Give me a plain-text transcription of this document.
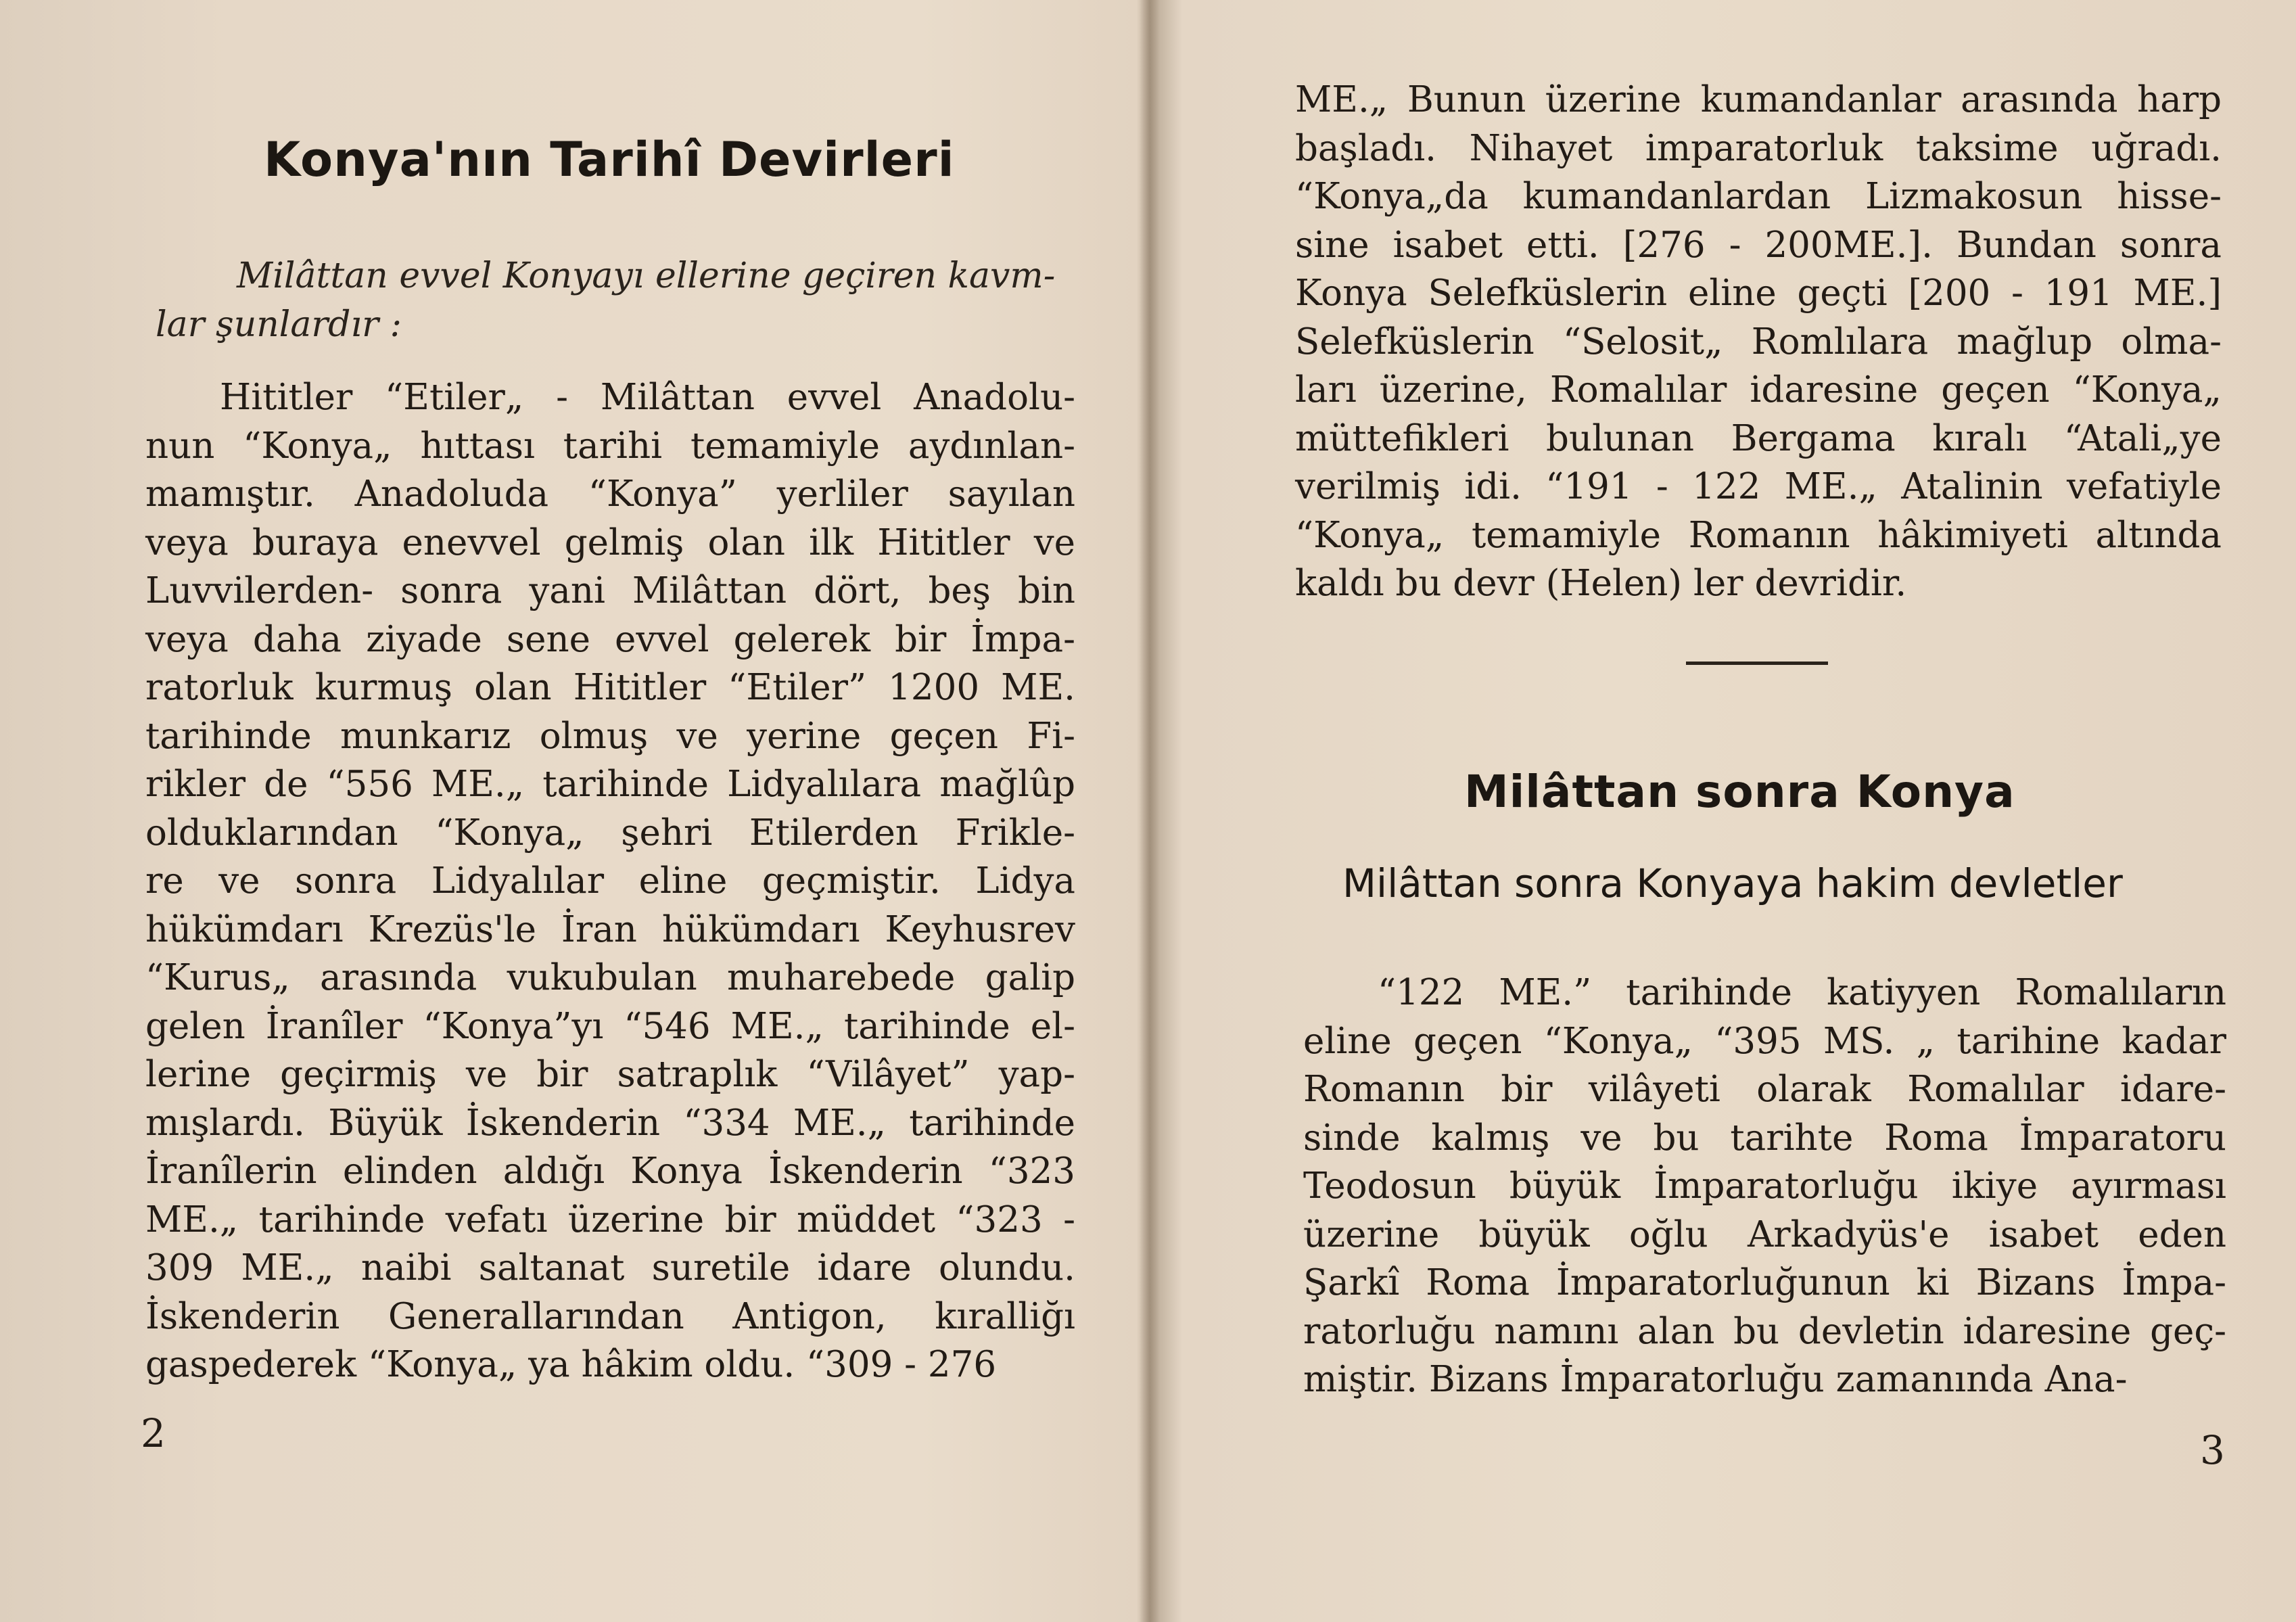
Konya'nın Tarihî Devirleri
Milâttan evvel Konyayı ellerine geçiren kavm-
lar şunlardır :
Hititler “Etiler„ - Milâttan evvel Anadolu-
nun “Konya„ hıttası tarihi temamiyle aydınlan-
mamıştır. Anadoluda “Konya” yerliler sayılan
veya buraya enevvel gelmiş olan ilk Hititler ve
Luvvilerden- sonra yani Milâttan dört, beş bin
veya daha ziyade sene evvel gelerek bir İmpa-
ratorluk kurmuş olan Hititler “Etiler” 1200 ME.
tarihinde munkarız olmuş ve yerine geçen Fi-
rikler de “556 ME.„ tarihinde Lidyalılara mağlûp
olduklarından “Konya„ şehri Etilerden Frikle-
re ve sonra Lidyalılar eline geçmiştir. Lidya
hükümdarı Krezüs'le İran hükümdarı Keyhusrev
“Kurus„ arasında vukubulan muharebede galip
gelen İranîler “Konya”yı “546 ME.„ tarihinde el-
lerine geçirmiş ve bir satraplık “Vilâyet” yap-
mışlardı. Büyük İskenderin “334 ME.„ tarihinde
İranîlerin elinden aldığı Konya İskenderin “323
ME.„ tarihinde vefatı üzerine bir müddet “323 -
309 ME.„ naibi saltanat suretile idare olundu.
İskenderin Generallarından Antigon, kıralliğı
gaspederek “Konya„ ya hâkim oldu. “309 - 276
2
ME.„ Bunun üzerine kumandanlar arasında harp
başladı. Nihayet imparatorluk taksime uğradı.
“Konya„da kumandanlardan Lizmakosun hisse-
sine isabet etti. [276 - 200ME.]. Bundan sonra
Konya Selefküslerin eline geçti [200 - 191 ME.]
Selefküslerin “Selosit„ Romlılara mağlup olma-
ları üzerine, Romalılar idaresine geçen “Konya„
müttefikleri bulunan Bergama kıralı “Atali„ye
verilmiş idi. “191 - 122 ME.„ Atalinin vefatiyle
“Konya„ temamiyle Romanın hâkimiyeti altında
kaldı bu devr (Helen) ler devridir.
Milâttan sonra Konya
Milâttan sonra Konyaya hakim devletler
“122 ME.” tarihinde katiyyen Romalıların
eline geçen “Konya„ “395 MS. „ tarihine kadar
Romanın bir vilâyeti olarak Romalılar idare-
sinde kalmış ve bu tarihte Roma İmparatoru
Teodosun büyük İmparatorluğu ikiye ayırması
üzerine büyük oğlu Arkadyüs'e isabet eden
Şarkî Roma İmparatorluğunun ki Bizans İmpa-
ratorluğu namını alan bu devletin idaresine geç-
miştir. Bizans İmparatorluğu zamanında Ana-
3
